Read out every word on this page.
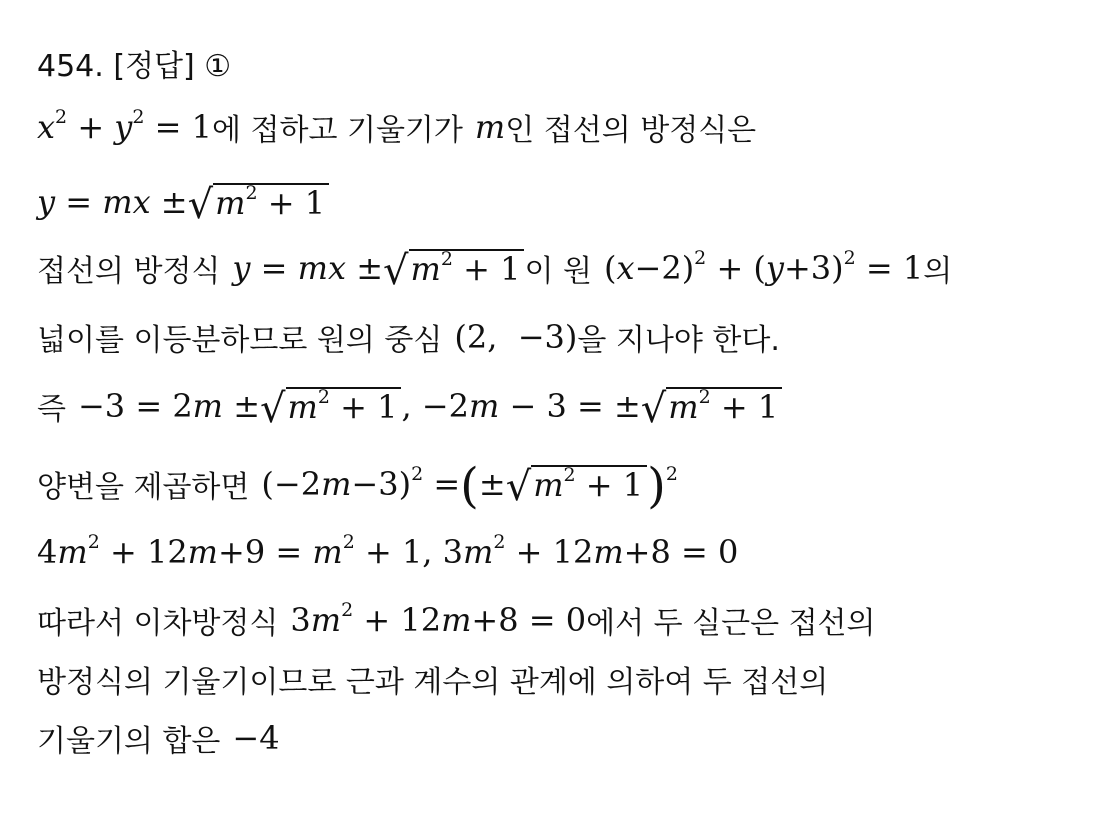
454. [정답] ①
$x^2 + y^2 = 1$ 에 접하고 기울기가 m 인 접선의 방정식은
y = mx ± √ $m^2 + 1$
접선의 방정식 y = mx ± √ $m^2 + 1$ 이 원 $(x-2)^2 + (y+3)^2 = 1$ 의
넓이를 이등분하므로 원의 중심 (2,  −3) 을 지나야 한다.
즉 −3 = 2m ± √ $m^2 + 1$ , −2m − 3 = ± √ $m^2 + 1$
양변을 제곱하면 $(-2m-3)^2$ = ( ± √ $m^2 + 1$ ) $^2$
$4m^2 + 12m+9 = m^2 + 1$, $3m^2 + 12m+8 = 0$
따라서 이차방정식 $3m^2 + 12m+8 = 0$ 에서 두 실근은 접선의
방정식의 기울기이므로 근과 계수의 관계에 의하여 두 접선의
기울기의 합은 −4
